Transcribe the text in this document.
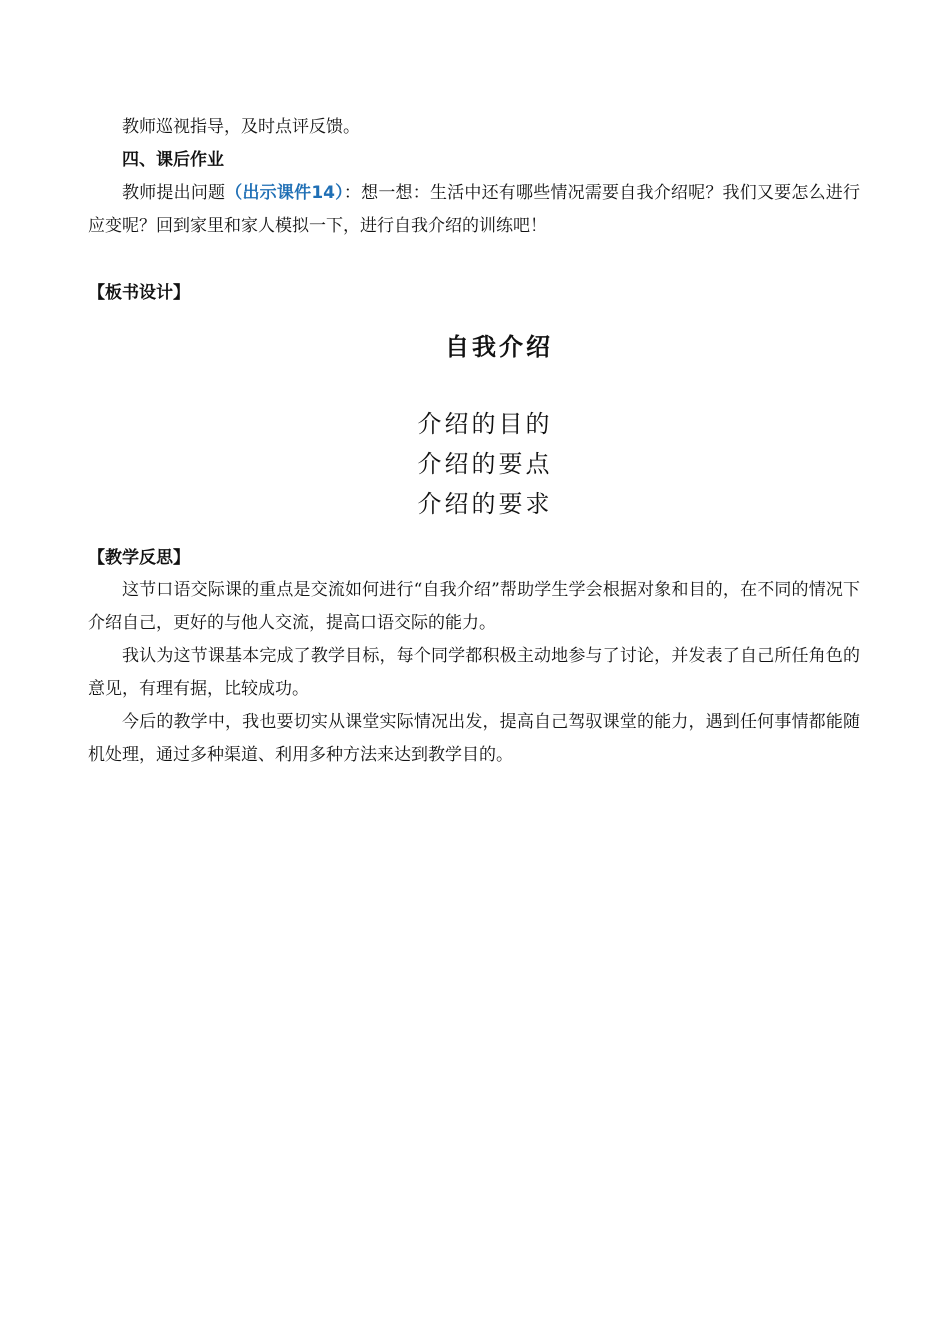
教师巡视指导，及时点评反馈。

四、课后作业

教师提出问题（出示课件14）：想一想：生活中还有哪些情况需要自我介绍呢？我们又要怎么进行应变呢？回到家里和家人模拟一下，进行自我介绍的训练吧！

【板书设计】
自我介绍
介绍的目的
介绍的要点
介绍的要求
【教学反思】

这节口语交际课的重点是交流如何进行“自我介绍”帮助学生学会根据对象和目的，在不同的情况下介绍自己，更好的与他人交流，提高口语交际的能力。

我认为这节课基本完成了教学目标，每个同学都积极主动地参与了讨论，并发表了自己所任角色的意见，有理有据，比较成功。

今后的教学中，我也要切实从课堂实际情况出发，提高自己驾驭课堂的能力，遇到任何事情都能随机处理，通过多种渠道、利用多种方法来达到教学目的。
